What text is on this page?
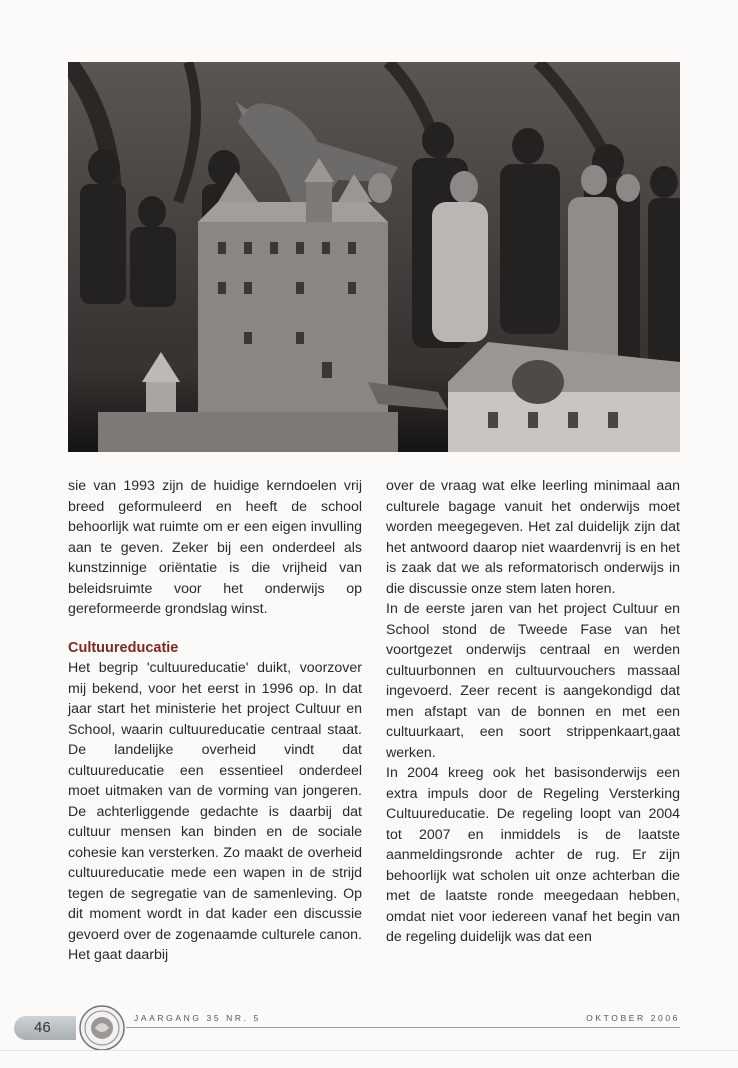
sie van 1993 zijn de huidige kerndoelen vrij breed geformuleerd en heeft de school behoorlijk wat ruimte om er een eigen invulling aan te geven. Zeker bij een onderdeel als kunstzinnige oriëntatie is die vrijheid van beleidsruimte voor het onderwijs op gereformeerde grondslag winst.

Cultuureducatie

Het begrip 'cultuureducatie' duikt, voorzover mij bekend, voor het eerst in 1996 op. In dat jaar start het ministerie het project Cultuur en School, waarin cultuureducatie centraal staat. De landelijke overheid vindt dat cultuureducatie een essentieel onderdeel moet uitmaken van de vorming van jongeren. De achterliggende gedachte is daarbij dat cultuur mensen kan binden en de sociale cohesie kan versterken. Zo maakt de overheid cultuureducatie mede een wapen in de strijd tegen de segregatie van de samenleving. Op dit moment wordt in dat kader een discussie gevoerd over de zogenaamde culturele canon. Het gaat daarbij

over de vraag wat elke leerling minimaal aan culturele bagage vanuit het onderwijs moet worden meegegeven. Het zal duidelijk zijn dat het antwoord daarop niet waardenvrij is en het is zaak dat we als reformatorisch onderwijs in die discussie onze stem laten horen.

In de eerste jaren van het project Cultuur en School stond de Tweede Fase van het voortgezet onderwijs centraal en werden cultuurbonnen en cultuurvouchers massaal ingevoerd. Zeer recent is aangekondigd dat men afstapt van de bonnen en met een cultuurkaart, een soort strippenkaart,gaat werken.

In 2004 kreeg ook het basisonderwijs een extra impuls door de Regeling Versterking Cultuureducatie. De regeling loopt van 2004 tot 2007 en inmiddels is de laatste aanmeldingsronde achter de rug. Er zijn behoorlijk wat scholen uit onze achterban die met de laatste ronde meegedaan hebben, omdat niet voor iedereen vanaf het begin van de regeling duidelijk was dat een

46
JAARGANG 35 NR. 5	OKTOBER 2006
